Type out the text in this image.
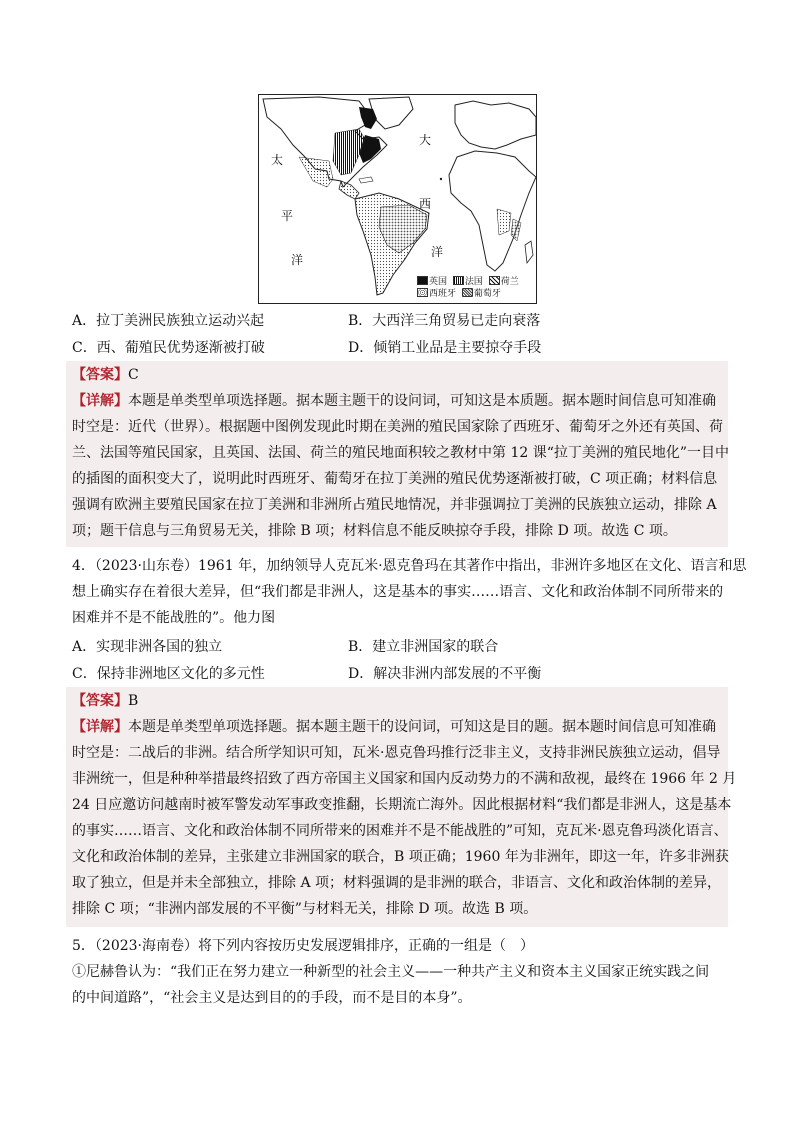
太
平
洋
大
西
洋
英国 法国 荷兰
西班牙 葡萄牙
A．拉丁美洲民族独立运动兴起	B．大西洋三角贸易已走向衰落
C．西、葡殖民优势逐渐被打破	D．倾销工业品是主要掠夺手段
【答案】C
【详解】本题是单类型单项选择题。据本题主题干的设问词，可知这是本质题。据本题时间信息可知准确
时空是：近代（世界）。根据题中图例发现此时期在美洲的殖民国家除了西班牙、葡萄牙之外还有英国、荷
兰、法国等殖民国家，且英国、法国、荷兰的殖民地面积较之教材中第 12 课“拉丁美洲的殖民地化”一目中
的插图的面积变大了，说明此时西班牙、葡萄牙在拉丁美洲的殖民优势逐渐被打破，C 项正确；材料信息
强调有欧洲主要殖民国家在拉丁美洲和非洲所占殖民地情况，并非强调拉丁美洲的民族独立运动，排除 A
项；题干信息与三角贸易无关，排除 B 项；材料信息不能反映掠夺手段，排除 D 项。故选 C 项。
4．（2023·山东卷）1961 年，加纳领导人克瓦米·恩克鲁玛在其著作中指出，非洲许多地区在文化、语言和思
想上确实存在着很大差异，但“我们都是非洲人，这是基本的事实……语言、文化和政治体制不同所带来的
困难并不是不能战胜的”。他力图
A．实现非洲各国的独立	B．建立非洲国家的联合
C．保持非洲地区文化的多元性	D．解决非洲内部发展的不平衡
【答案】B
【详解】本题是单类型单项选择题。据本题主题干的设问词，可知这是目的题。据本题时间信息可知准确
时空是：二战后的非洲。结合所学知识可知，瓦米·恩克鲁玛推行泛非主义，支持非洲民族独立运动，倡导
非洲统一，但是种种举措最终招致了西方帝国主义国家和国内反动势力的不满和敌视，最终在 1966 年 2 月
24 日应邀访问越南时被军警发动军事政变推翻，长期流亡海外。因此根据材料“我们都是非洲人，这是基本
的事实……语言、文化和政治体制不同所带来的困难并不是不能战胜的”可知，克瓦米·恩克鲁玛淡化语言、
文化和政治体制的差异，主张建立非洲国家的联合，B 项正确；1960 年为非洲年，即这一年，许多非洲获
取了独立，但是并未全部独立，排除 A 项；材料强调的是非洲的联合，非语言、文化和政治体制的差异，
排除 C 项；“非洲内部发展的不平衡”与材料无关，排除 D 项。故选 B 项。
5．（2023·海南卷）将下列内容按历史发展逻辑排序，正确的一组是（　）
①尼赫鲁认为：“我们正在努力建立一种新型的社会主义——一种共产主义和资本主义国家正统实践之间
的中间道路”，“社会主义是达到目的的手段，而不是目的本身”。
